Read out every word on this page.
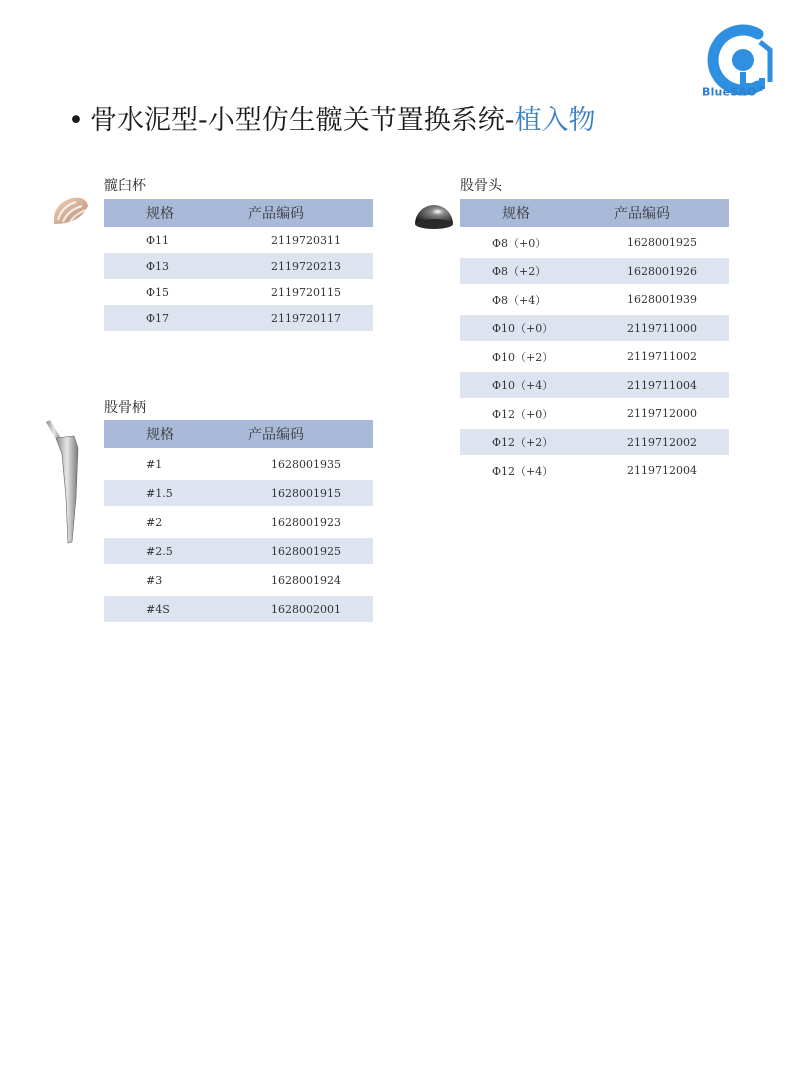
BlueSAO®
• 骨水泥型-小型仿生髋关节置换系统-植入物
髋臼杯
规格	产品编码
Φ11	2119720311
Φ13	2119720213
Φ15	2119720115
Φ17	2119720117
股骨柄
规格	产品编码
#1	1628001935
#1.5	1628001915
#2	1628001923
#2.5	1628001925
#3	1628001924
#4S	1628002001
股骨头
规格	产品编码
Φ8（+0）	1628001925
Φ8（+2）	1628001926
Φ8（+4）	1628001939
Φ10（+0）	2119711000
Φ10（+2）	2119711002
Φ10（+4）	2119711004
Φ12（+0）	2119712000
Φ12（+2）	2119712002
Φ12（+4）	2119712004
